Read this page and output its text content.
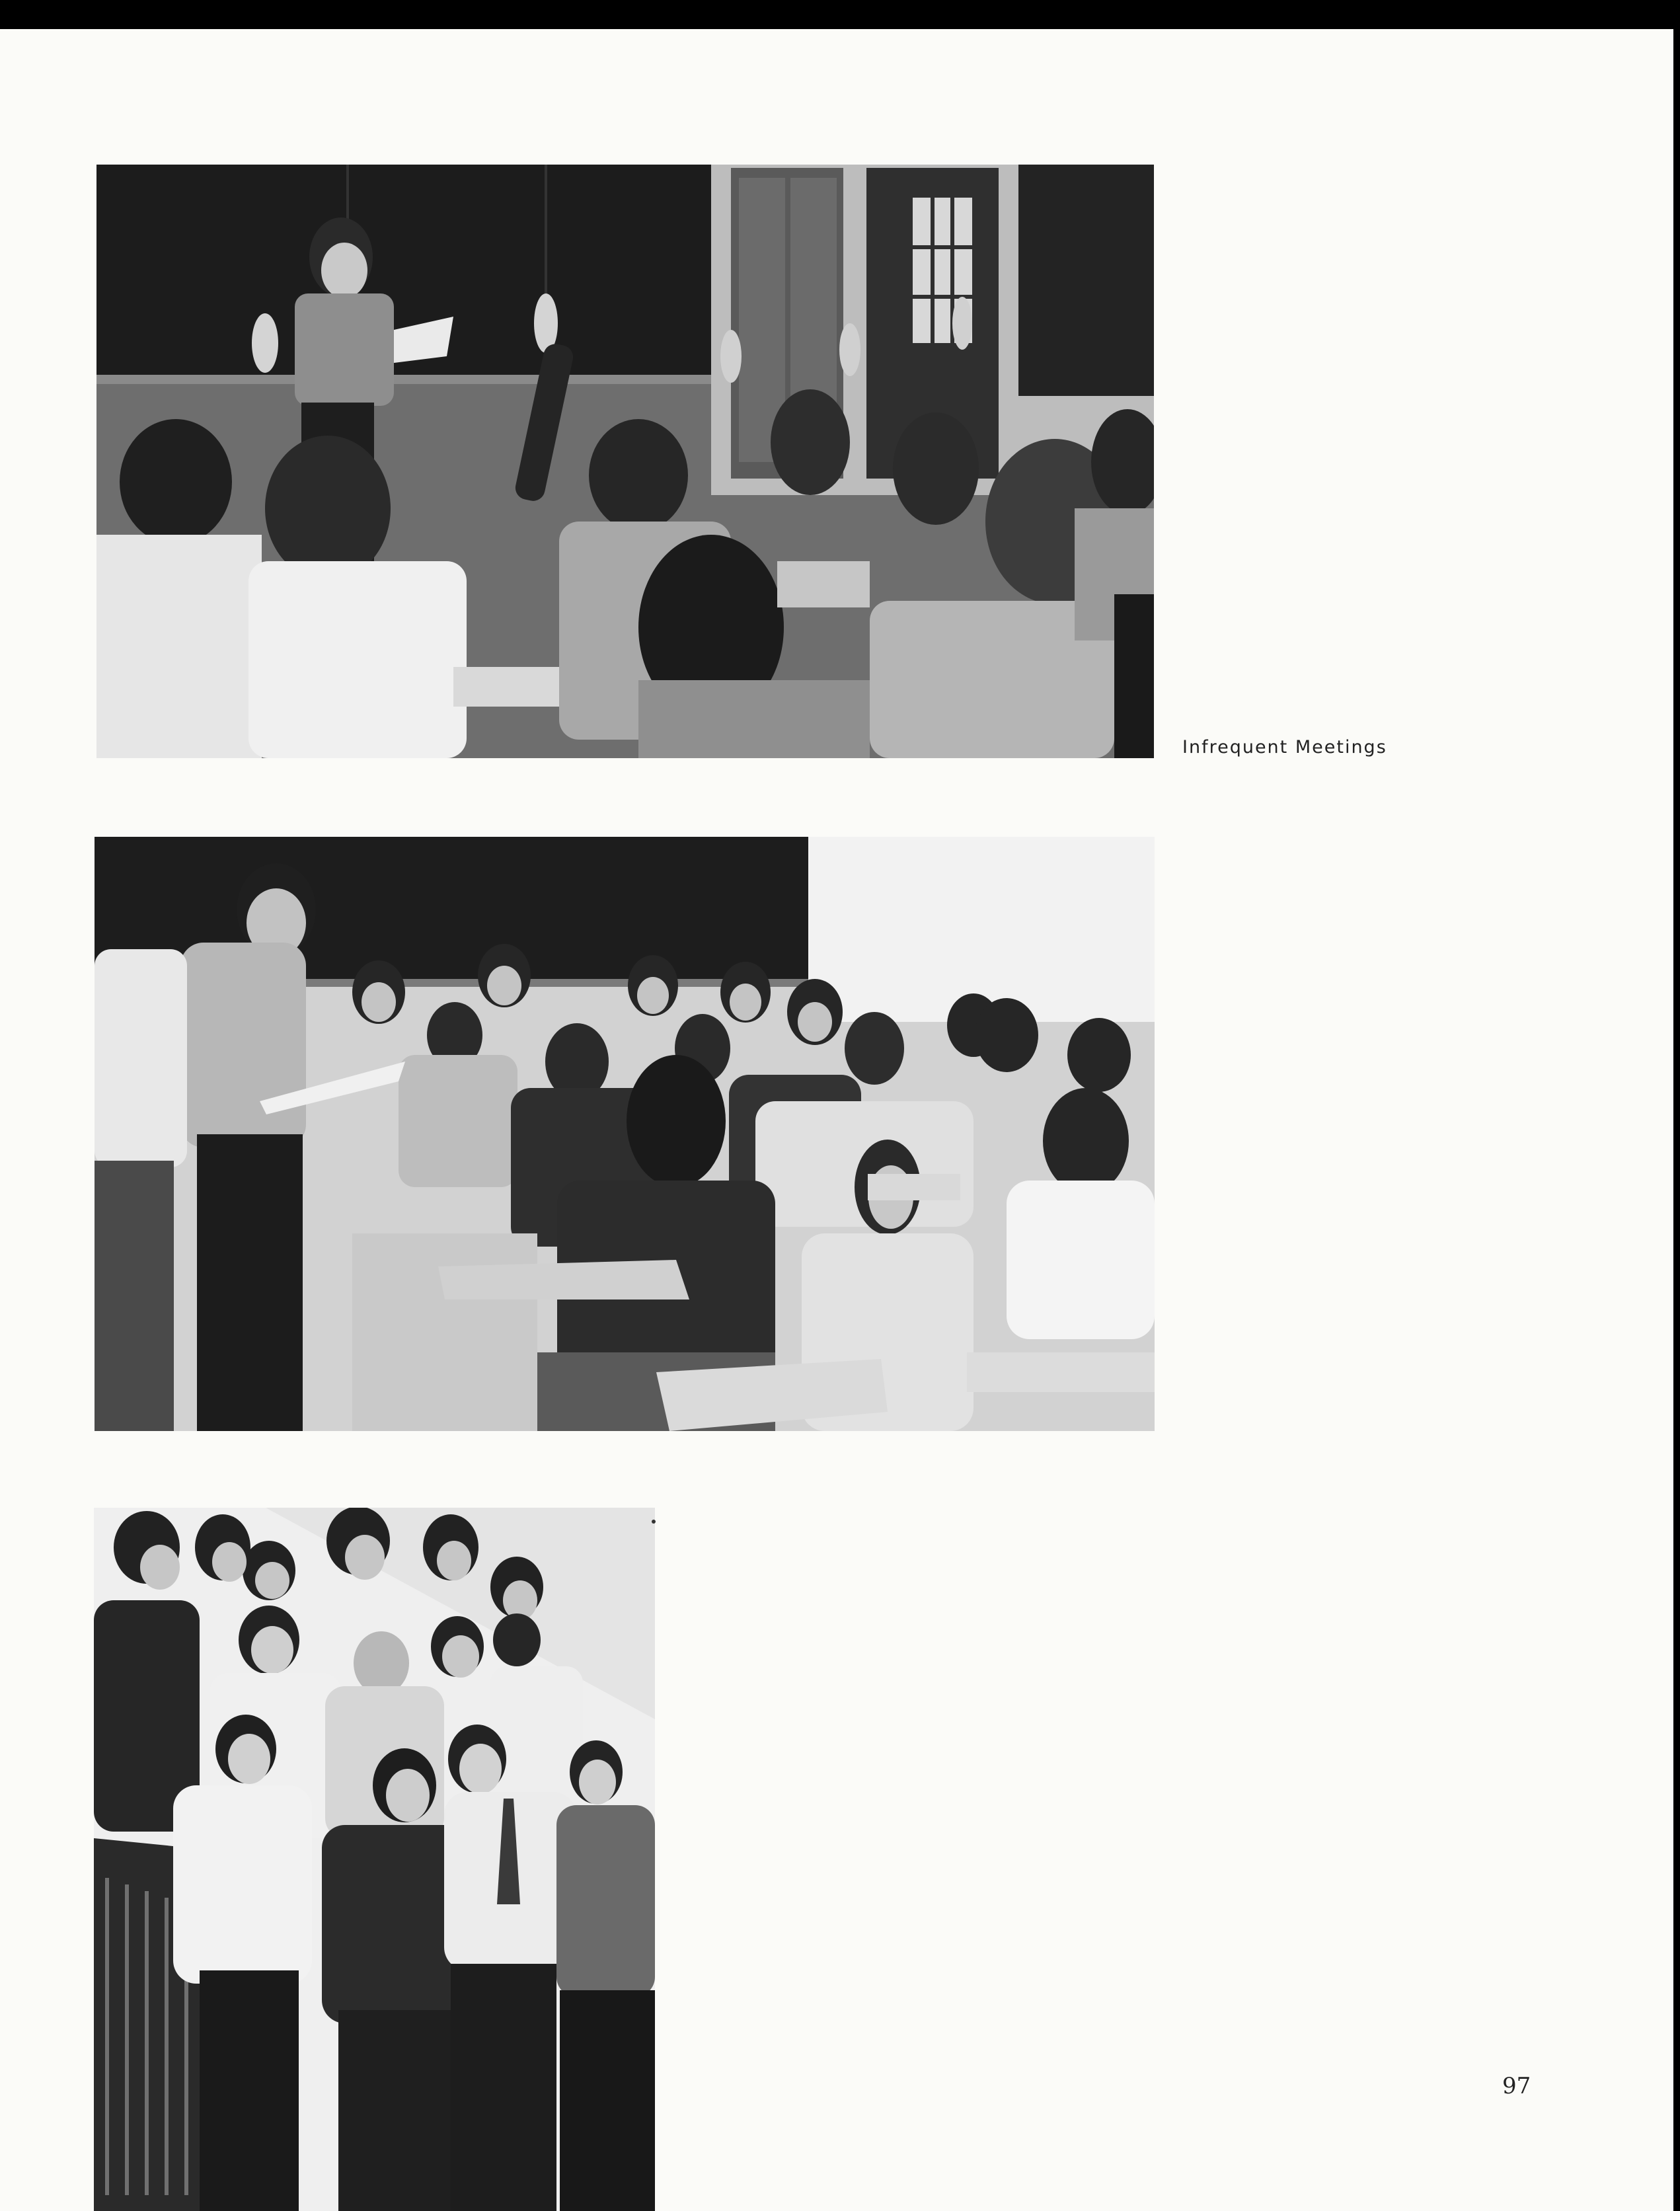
Infrequent Meetings
97
